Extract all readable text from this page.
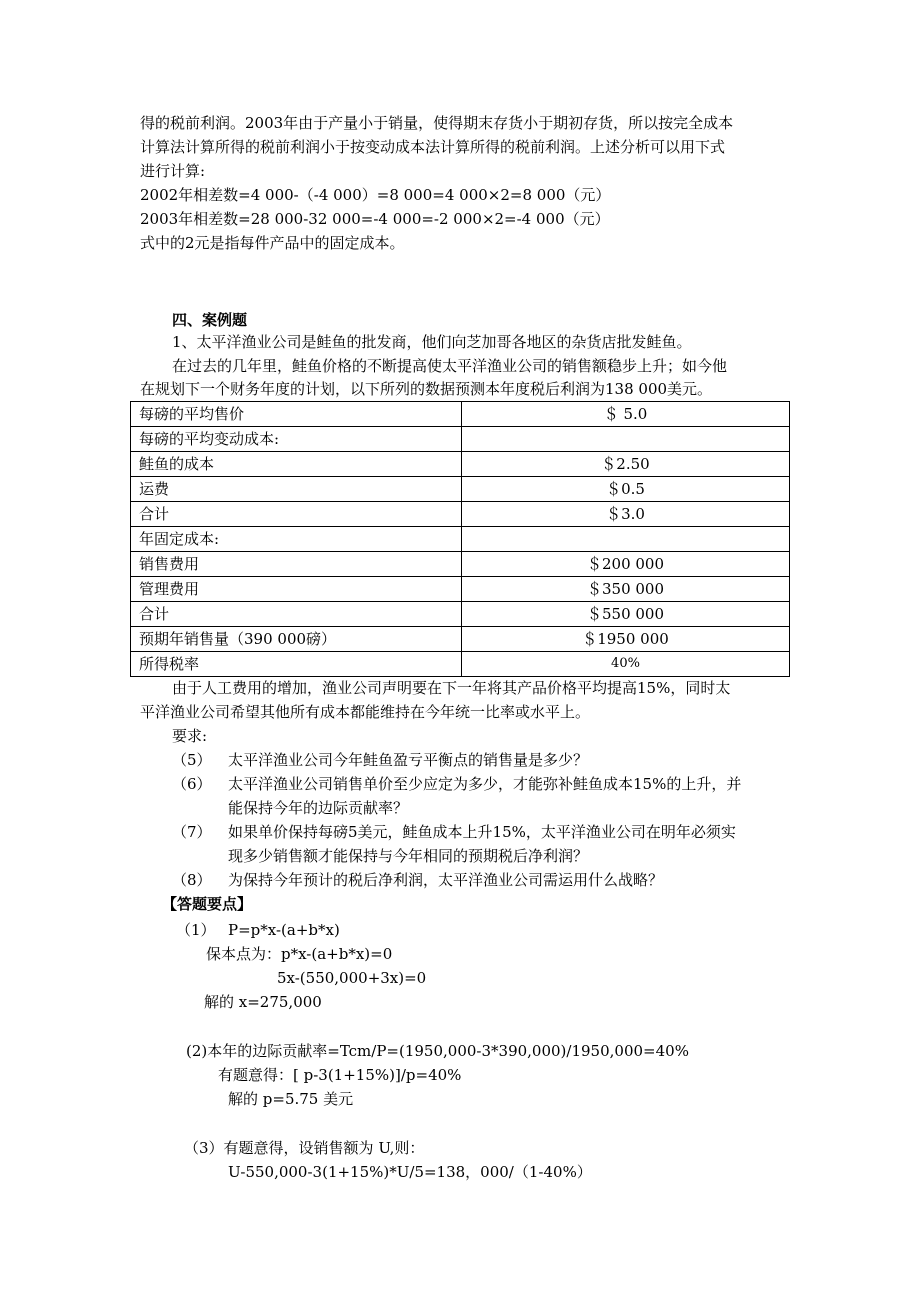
得的税前利润。2003年由于产量小于销量，使得期末存货小于期初存货，所以按完全成本
计算法计算所得的税前利润小于按变动成本法计算所得的税前利润。上述分析可以用下式
进行计算:
2002年相差数=4 000-（-4 000）=8 000=4 000×2=8 000（元）
2003年相差数=28 000-32 000=-4 000=-2 000×2=-4 000（元）
式中的2元是指每件产品中的固定成本。
四、案例题
1、太平洋渔业公司是鲑鱼的批发商，他们向芝加哥各地区的杂货店批发鲑鱼。
在过去的几年里，鲑鱼价格的不断提高使太平洋渔业公司的销售额稳步上升；如今他
在规划下一个财务年度的计划，以下所列的数据预测本年度税后利润为138 000美元。
每磅的平均售价	＄ 5.0
每磅的平均变动成本:	
鲑鱼的成本	＄2.50
运费	＄0.5
合计	＄3.0
年固定成本:	
销售费用	＄200 000
管理费用	＄350 000
合计	＄550 000
预期年销售量（390 000磅）	＄1950 000
所得税率	40%
由于人工费用的增加，渔业公司声明要在下一年将其产品价格平均提高15%，同时太
平洋渔业公司希望其他所有成本都能维持在今年统一比率或水平上。
要求:
（5） 太平洋渔业公司今年鲑鱼盈亏平衡点的销售量是多少？
（6） 太平洋渔业公司销售单价至少应定为多少，才能弥补鲑鱼成本15%的上升，并
能保持今年的边际贡献率？
（7） 如果单价保持每磅5美元，鲑鱼成本上升15%，太平洋渔业公司在明年必须实
现多少销售额才能保持与今年相同的预期税后净利润？
（8） 为保持今年预计的税后净利润，太平洋渔业公司需运用什么战略？
【答题要点】
（1） P=p*x-(a+b*x)
保本点为：p*x-(a+b*x)=0
5x-(550,000+3x)=0
解的 x=275,000
(2)本年的边际贡献率=Tcm/P=(1950,000-3*390,000)/1950,000=40%
有题意得：[ p-3(1+15%)]/p=40%
解的 p=5.75 美元
（3）有题意得，设销售额为 U,则：
U-550,000-3(1+15%)*U/5=138，000/（1-40%）
